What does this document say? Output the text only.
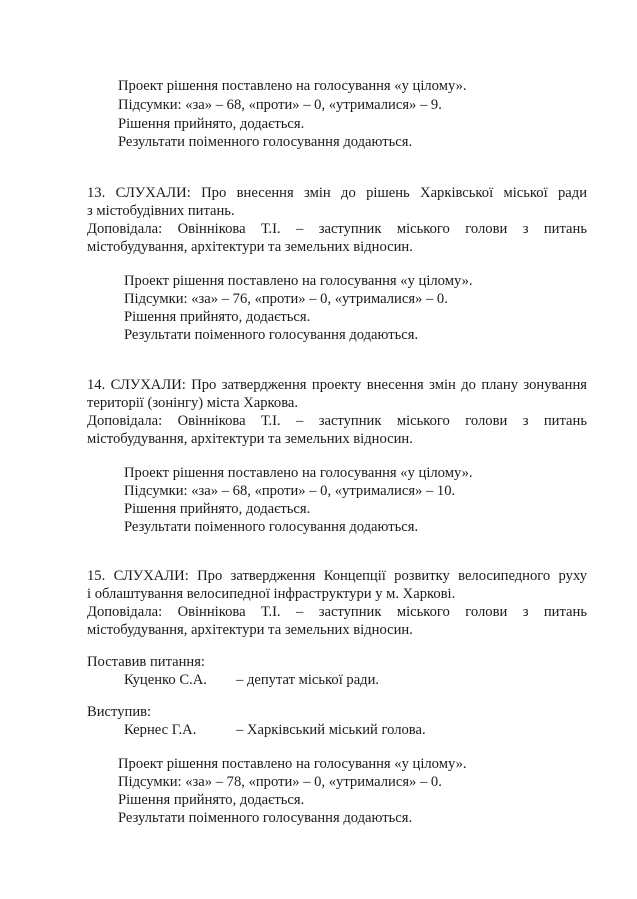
Проект рішення поставлено на голосування «у цілому».
Підсумки: «за» – 68, «проти» – 0, «утрималися» – 9.
Рішення прийнято, додається.
Результати поіменного голосування додаються.
13. СЛУХАЛИ: Про внесення змін до рішень Харківської міської ради
з містобудівних питань.
Доповідала: Овіннікова Т.І. – заступник міського голови з питань
містобудування, архітектури та земельних відносин.
Проект рішення поставлено на голосування «у цілому».
Підсумки: «за» – 76, «проти» – 0, «утрималися» – 0.
Рішення прийнято, додається.
Результати поіменного голосування додаються.
14. СЛУХАЛИ: Про затвердження проекту внесення змін до плану зонування
території (зонінгу) міста Харкова.
Доповідала: Овіннікова Т.І. – заступник міського голови з питань
містобудування, архітектури та земельних відносин.
Проект рішення поставлено на голосування «у цілому».
Підсумки: «за» – 68, «проти» – 0, «утрималися» – 10.
Рішення прийнято, додається.
Результати поіменного голосування додаються.
15. СЛУХАЛИ: Про затвердження Концепції розвитку велосипедного руху
і облаштування велосипедної інфраструктури у м. Харкові.
Доповідала: Овіннікова Т.І. – заступник міського голови з питань
містобудування, архітектури та земельних відносин.
Поставив питання:
Куценко С.А. – депутат міської ради.
Виступив:
Кернес Г.А.	– Харківський міський голова.
Проект рішення поставлено на голосування «у цілому».
Підсумки: «за» – 78, «проти» – 0, «утрималися» – 0.
Рішення прийнято, додається.
Результати поіменного голосування додаються.
